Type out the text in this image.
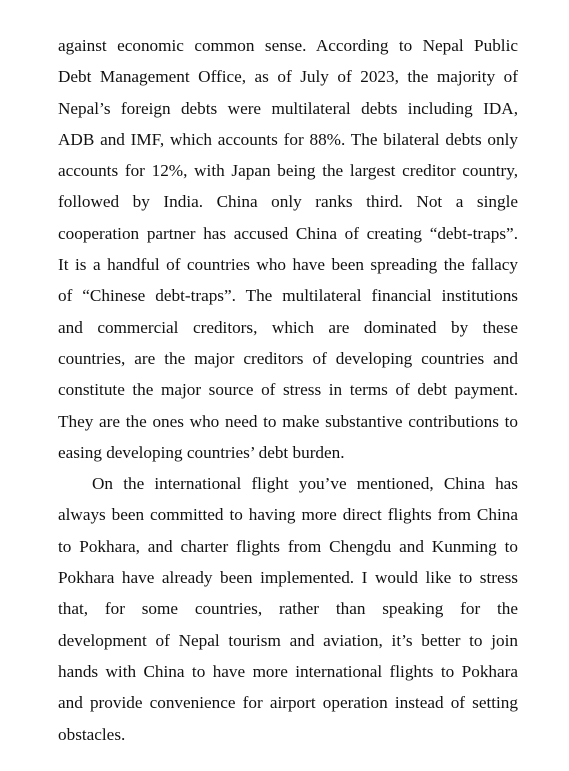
against economic common sense. According to Nepal Public
Debt Management Office, as of July of 2023, the majority of
Nepal’s foreign debts were multilateral debts including IDA,
ADB and IMF, which accounts for 88%. The bilateral debts only
accounts for 12%, with Japan being the largest creditor country,
followed by India. China only ranks third. Not a single
cooperation partner has accused China of creating “debt-traps”.
It is a handful of countries who have been spreading the fallacy
of “Chinese debt-traps”. The multilateral financial institutions
and commercial creditors, which are dominated by these
countries, are the major creditors of developing countries and
constitute the major source of stress in terms of debt payment.
They are the ones who need to make substantive contributions to
easing developing countries’ debt burden.
On the international flight you’ve mentioned, China has
always been committed to having more direct flights from China
to Pokhara, and charter flights from Chengdu and Kunming to
Pokhara have already been implemented. I would like to stress
that, for some countries, rather than speaking for the
development of Nepal tourism and aviation, it’s better to join
hands with China to have more international flights to Pokhara
and provide convenience for airport operation instead of setting
obstacles.
